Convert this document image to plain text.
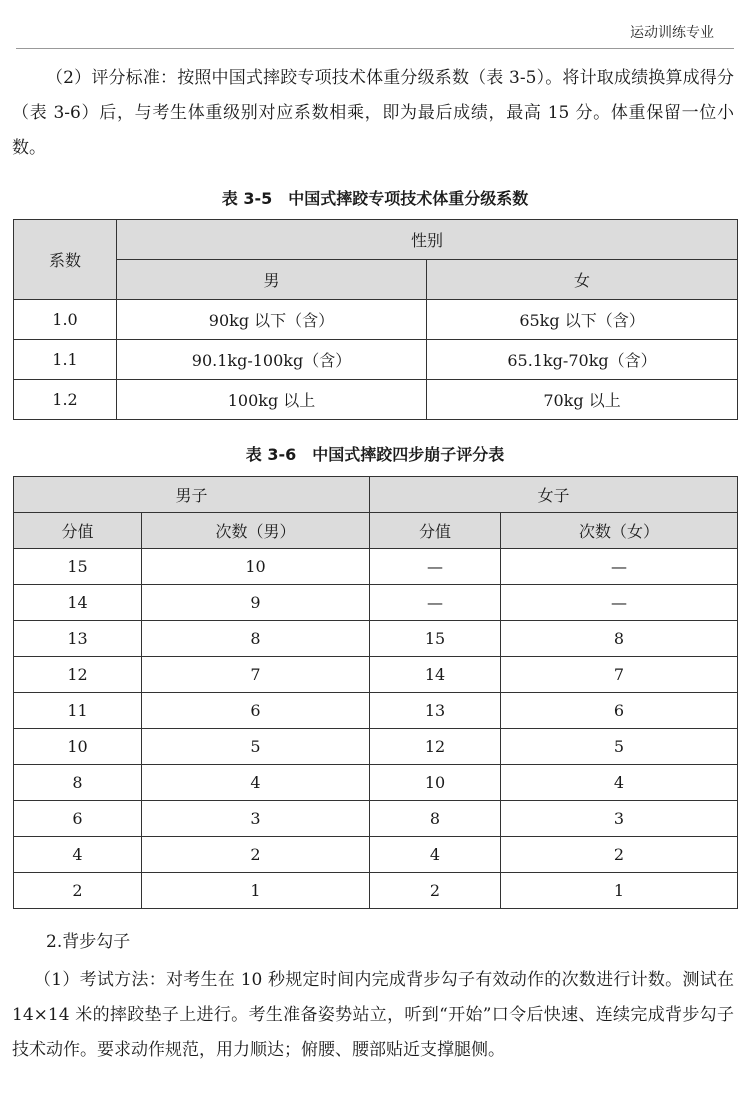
运动训练专业
（2）评分标准：按照中国式摔跤专项技术体重分级系数（表 3-5）。将计取成绩换算成得分（表 3-6）后，与考生体重级别对应系数相乘，即为最后成绩，最高 15 分。体重保留一位小数。
表 3-5　中国式摔跤专项技术体重分级系数
系数	性别	
	男	女
1.0	90kg 以下（含）	65kg 以下（含）
1.1	90.1kg-100kg（含）	65.1kg-70kg（含）
1.2	100kg 以上	70kg 以上
表 3-6　中国式摔跤四步崩子评分表
男子		女子	
分值	次数（男）	分值	次数（女）
15	10	—	—
14	9	—	—
13	8	15	8
12	7	14	7
11	6	13	6
10	5	12	5
8	4	10	4
6	3	8	3
4	2	4	2
2	1	2	1
2.背步勾子
（1）考试方法：对考生在 10 秒规定时间内完成背步勾子有效动作的次数进行计数。测试在 14×14 米的摔跤垫子上进行。考生准备姿势站立，听到“开始”口令后快速、连续完成背步勾子技术动作。要求动作规范，用力顺达；俯腰、腰部贴近支撑腿侧。
